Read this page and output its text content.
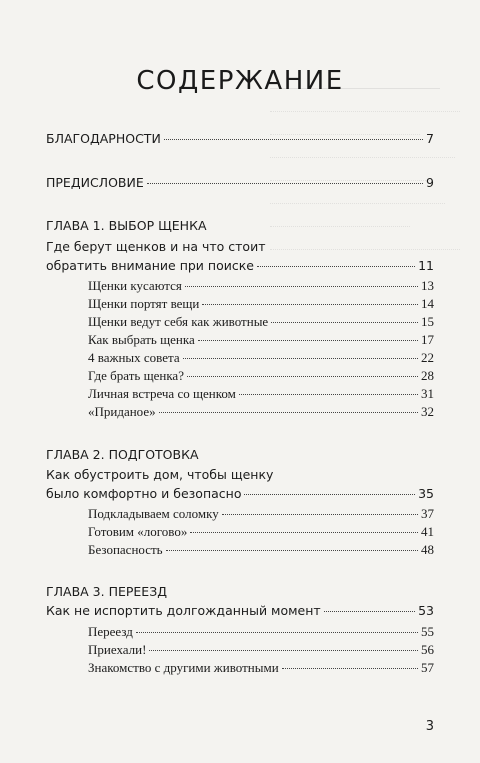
СОДЕРЖАНИЕ
БЛАГОДАРНОСТИ	7
ПРЕДИСЛОВИЕ	9
ГЛАВА 1. ВЫБОР ЩЕНКА
Где берут щенков и на что стоит
обратить внимание при поиске	11
Щенки кусаются	13
Щенки портят вещи	14
Щенки ведут себя как животные	15
Как выбрать щенка	17
4 важных совета	22
Где брать щенка?	28
Личная встреча со щенком	31
«Приданое»	32
ГЛАВА 2. ПОДГОТОВКА
Как обустроить дом, чтобы щенку
было комфортно и безопасно	35
Подкладываем соломку	37
Готовим «логово»	41
Безопасность	48
ГЛАВА 3. ПЕРЕЕЗД
Как не испортить долгожданный момент	53
Переезд	55
Приехали!	56
Знакомство с другими животными	57
3
